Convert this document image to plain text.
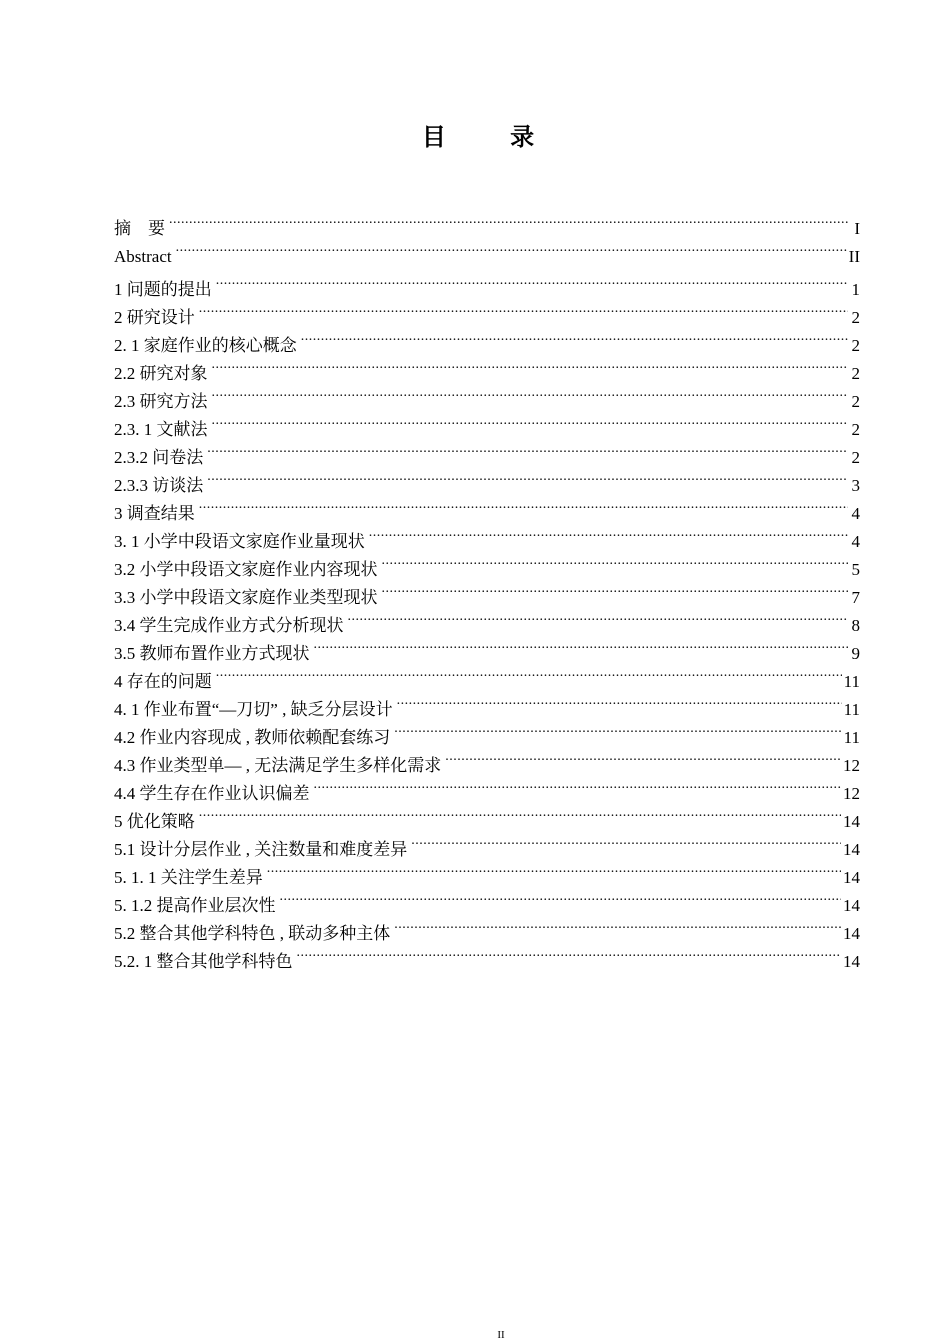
目 录
摘　要 .....	I
Abstract .....	II
1 问题的提出 .....	1
2 研究设计 .....	2
2. 1 家庭作业的核心概念 .....	2
2.2 研究对象 .....	2
2.3 研究方法 .....	2
2.3. 1 文献法 .....	2
2.3.2 问卷法 .....	2
2.3.3 访谈法 .....	3
3 调查结果 .....	4
3. 1 小学中段语文家庭作业量现状 .....	4
3.2 小学中段语文家庭作业内容现状 .....	5
3.3 小学中段语文家庭作业类型现状 .....	7
3.4 学生完成作业方式分析现状 .....	8
3.5 教师布置作业方式现状 .....	9
4 存在的问题 .....	11
4. 1 作业布置“—刀切” , 缺乏分层设计 .....	11
4.2 作业内容现成 , 教师依赖配套练习 .....	11
4.3 作业类型单— , 无法满足学生多样化需求 .....	12
4.4 学生存在作业认识偏差 .....	12
5 优化策略 .....	14
5.1 设计分层作业 , 关注数量和难度差异 .....	14
5. 1. 1 关注学生差异 .....	14
5. 1.2 提高作业层次性 .....	14
5.2 整合其他学科特色 , 联动多种主体 .....	14
5.2. 1 整合其他学科特色 .....	14
II
